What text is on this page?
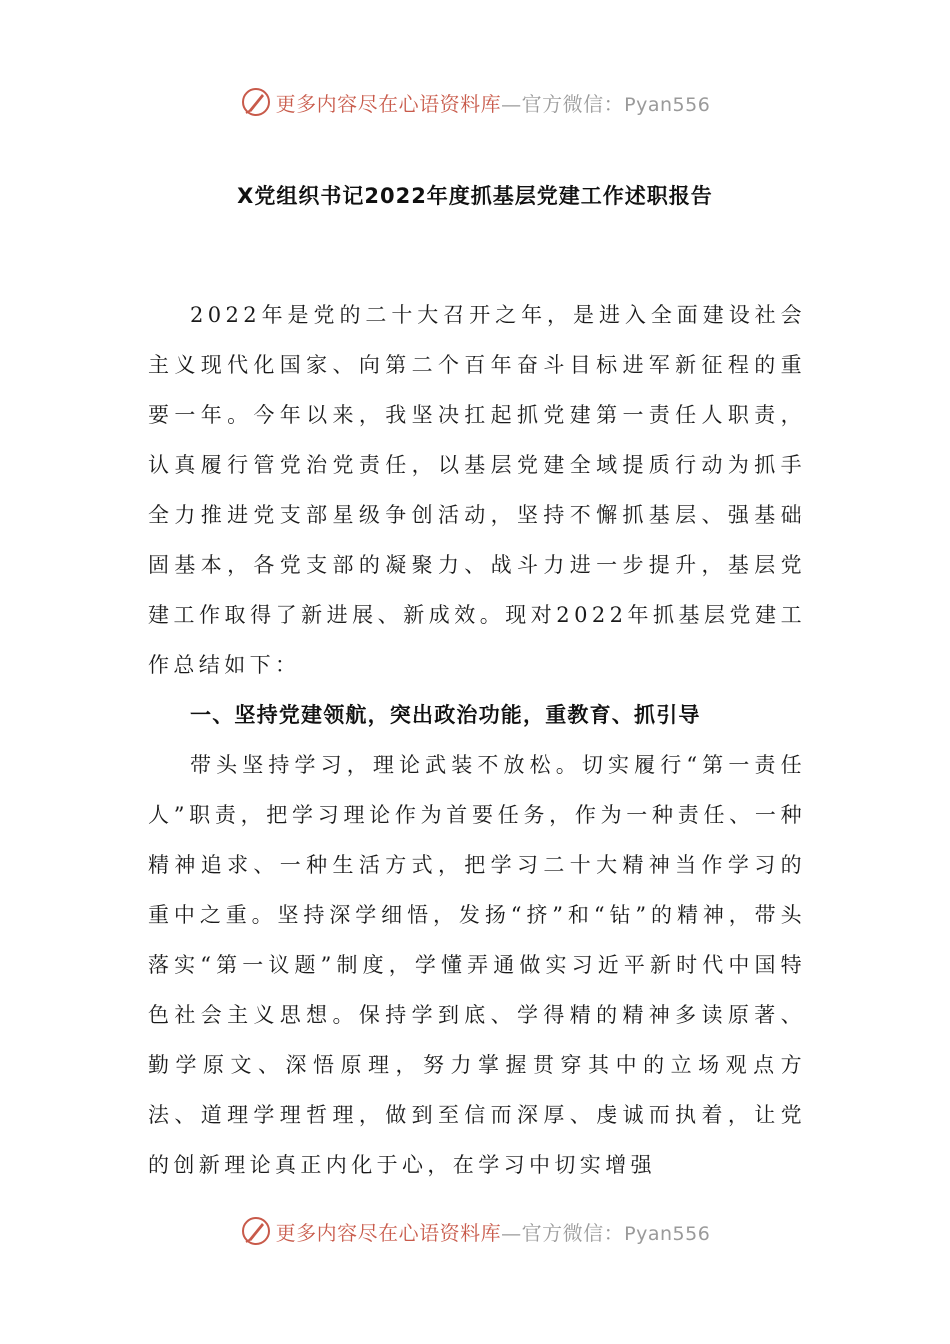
更多内容尽在心语资料库—官方微信：Pyan556
X党组织书记2022年度抓基层党建工作述职报告

2022年是党的二十大召开之年，是进入全面建设社会主义现代化国家、向第二个百年奋斗目标进军新征程的重要一年。今年以来，我坚决扛起抓党建第一责任人职责，认真履行管党治党责任，以基层党建全域提质行动为抓手全力推进党支部星级争创活动，坚持不懈抓基层、强基础固基本，各党支部的凝聚力、战斗力进一步提升，基层党建工作取得了新进展、新成效。现对2022年抓基层党建工作总结如下：

一、坚持党建领航，突出政治功能，重教育、抓引导

带头坚持学习，理论武装不放松。切实履行“第一责任人”职责，把学习理论作为首要任务，作为一种责任、一种精神追求、一种生活方式，把学习二十大精神当作学习的重中之重。坚持深学细悟，发扬“挤”和“钻”的精神，带头落实“第一议题”制度，学懂弄通做实习近平新时代中国特色社会主义思想。保持学到底、学得精的精神多读原著、勤学原文、深悟原理，努力掌握贯穿其中的立场观点方法、道理学理哲理，做到至信而深厚、虔诚而执着，让党的创新理论真正内化于心，在学习中切实增强

更多内容尽在心语资料库—官方微信：Pyan556
